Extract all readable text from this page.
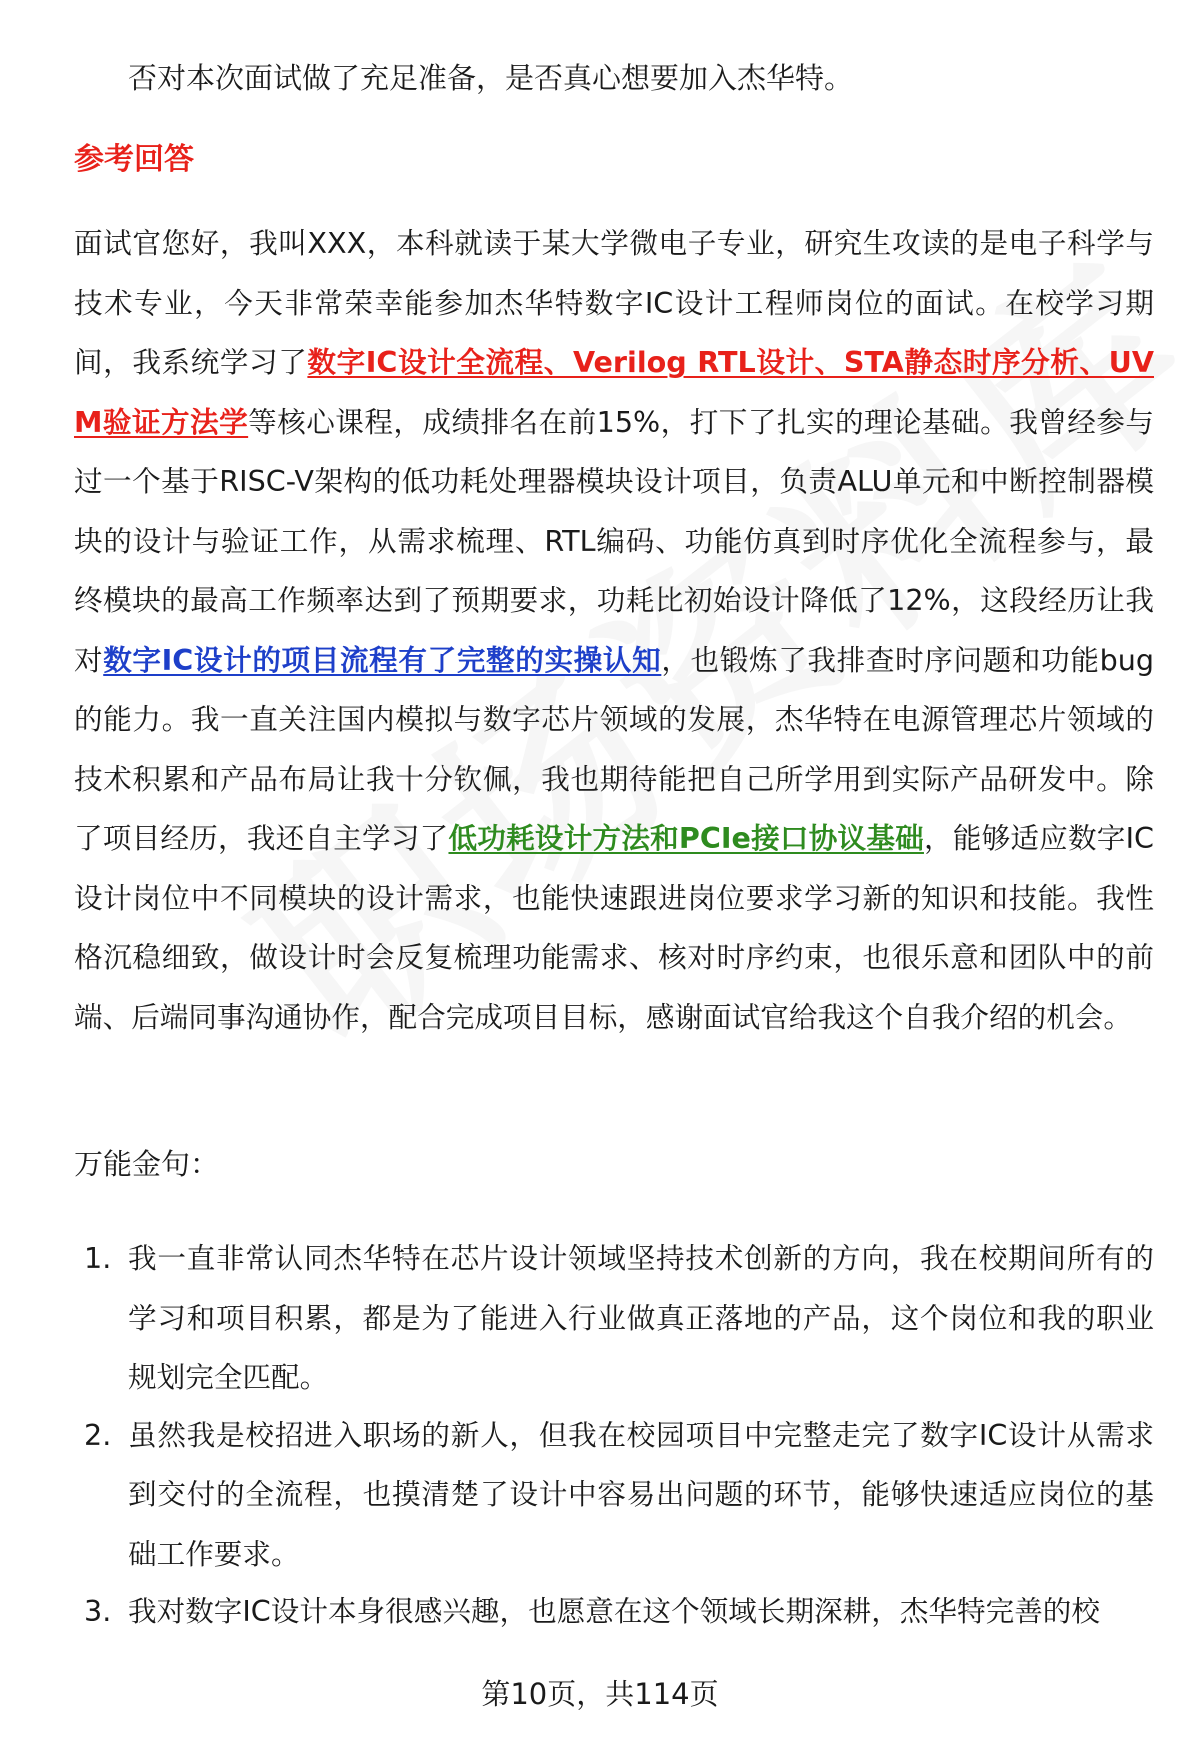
否对本次面试做了充足准备，是否真心想要加入杰华特。
参考回答

面试官您好，我叫XXX，本科就读于某大学微电子专业，研究生攻读的是电子科学与技术专业，今天非常荣幸能参加杰华特数字IC设计工程师岗位的面试。在校学习期间，我系统学习了数字IC设计全流程、Verilog RTL设计、STA静态时序分析、UVM验证方法学等核心课程，成绩排名在前15%，打下了扎实的理论基础。我曾经参与过一个基于RISC-V架构的低功耗处理器模块设计项目，负责ALU单元和中断控制器模块的设计与验证工作，从需求梳理、RTL编码、功能仿真到时序优化全流程参与，最终模块的最高工作频率达到了预期要求，功耗比初始设计降低了12%，这段经历让我对数字IC设计的项目流程有了完整的实操认知，也锻炼了我排查时序问题和功能bug的能力。我一直关注国内模拟与数字芯片领域的发展，杰华特在电源管理芯片领域的技术积累和产品布局让我十分钦佩，我也期待能把自己所学用到实际产品研发中。除了项目经历，我还自主学习了低功耗设计方法和PCIe接口协议基础，能够适应数字IC设计岗位中不同模块的设计需求，也能快速跟进岗位要求学习新的知识和技能。我性格沉稳细致，做设计时会反复梳理功能需求、核对时序约束，也很乐意和团队中的前端、后端同事沟通协作，配合完成项目目标，感谢面试官给我这个自我介绍的机会。

万能金句：
1. 我一直非常认同杰华特在芯片设计领域坚持技术创新的方向，我在校期间所有的学习和项目积累，都是为了能进入行业做真正落地的产品，这个岗位和我的职业规划完全匹配。
2. 虽然我是校招进入职场的新人，但我在校园项目中完整走完了数字IC设计从需求到交付的全流程，也摸清楚了设计中容易出问题的环节，能够快速适应岗位的基础工作要求。
3. 我对数字IC设计本身很感兴趣，也愿意在这个领域长期深耕，杰华特完善的校
第10页，共114页
